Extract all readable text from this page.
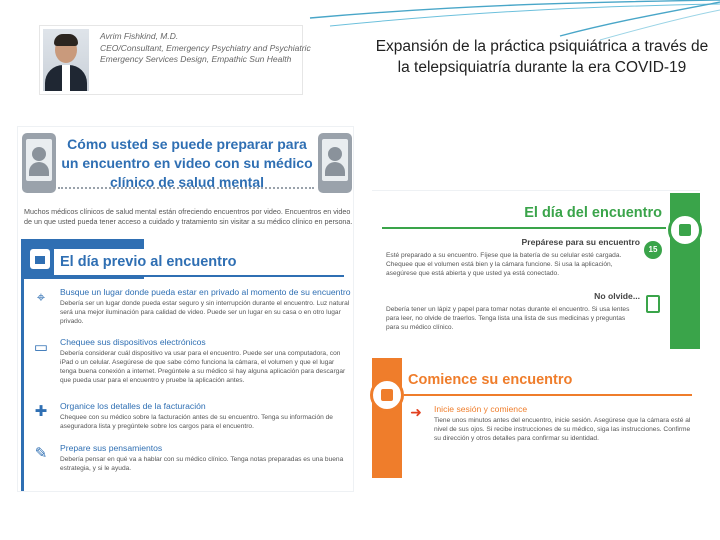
Avrim Fishkind, M.D.
CEO/Consultant, Emergency Psychiatry and Psychiatric
Emergency Services Design, Empathic Sun Health
Expansión de la práctica psiquiátrica a través de la telepsiquiatría durante la era COVID-19
Cómo usted se puede preparar para un encuentro en video con su médico clínico de salud mental
Muchos médicos clínicos de salud mental están ofreciendo encuentros por video. Encuentros en video de un que usted pueda tener acceso a cuidado y tratamiento sin visitar a su médico clínico en persona.
El día previo al encuentro
⌖	Busque un lugar donde pueda estar en privado al momento de su encuentro
Debería ser un lugar donde pueda estar seguro y sin interrupción durante el encuentro. Luz natural será una mejor iluminación para calidad de video. Puede ser un lugar en su casa o en otro lugar privado.
▭ Chequee sus dispositivos electrónicos
Debería considerar cuál dispositivo va usar para el encuentro. Puede ser una computadora, con iPad o un celular. Asegúrese de que sabe cómo funciona la cámara, el volumen y que el lugar tenga buena conexión a internet. Pregúntele a su médico si hay alguna aplicación para descargar que pueda usar para el encuentro y pruebe la aplicación antes.
✚	Organice los detalles de la facturación
Chequee con su médico sobre la facturación antes de su encuentro. Tenga su información de aseguradora lista y pregúntele sobre los cargos para el encuentro.
✎	Prepare sus pensamientos
Debería pensar en qué va a hablar con su médico clínico. Tenga notas preparadas es una buena estrategia, y si le ayuda.
El día del encuentro
Prepárese para su encuentro
15
Esté preparado a su encuentro. Fíjese que la batería de su celular esté cargada. Chequee que el volumen está bien y la cámara funcione. Si usa la aplicación, asegúrese que está abierta y que usted ya está conectado.
No olvide...
Debería tener un lápiz y papel para tomar notas durante el encuentro. Si usa lentes para leer, no olvide de traerlos. Tenga lista una lista de sus medicinas y preguntas para su médico clínico.
Comience su encuentro
➜ Inicie sesión y comience
Tiene unos minutos antes del encuentro, inicie sesión. Asegúrese que la cámara esté al nivel de sus ojos. Si recibe instrucciones de su médico, siga las instrucciones. Confirme su dirección y otros detalles para confirmar su identidad.
